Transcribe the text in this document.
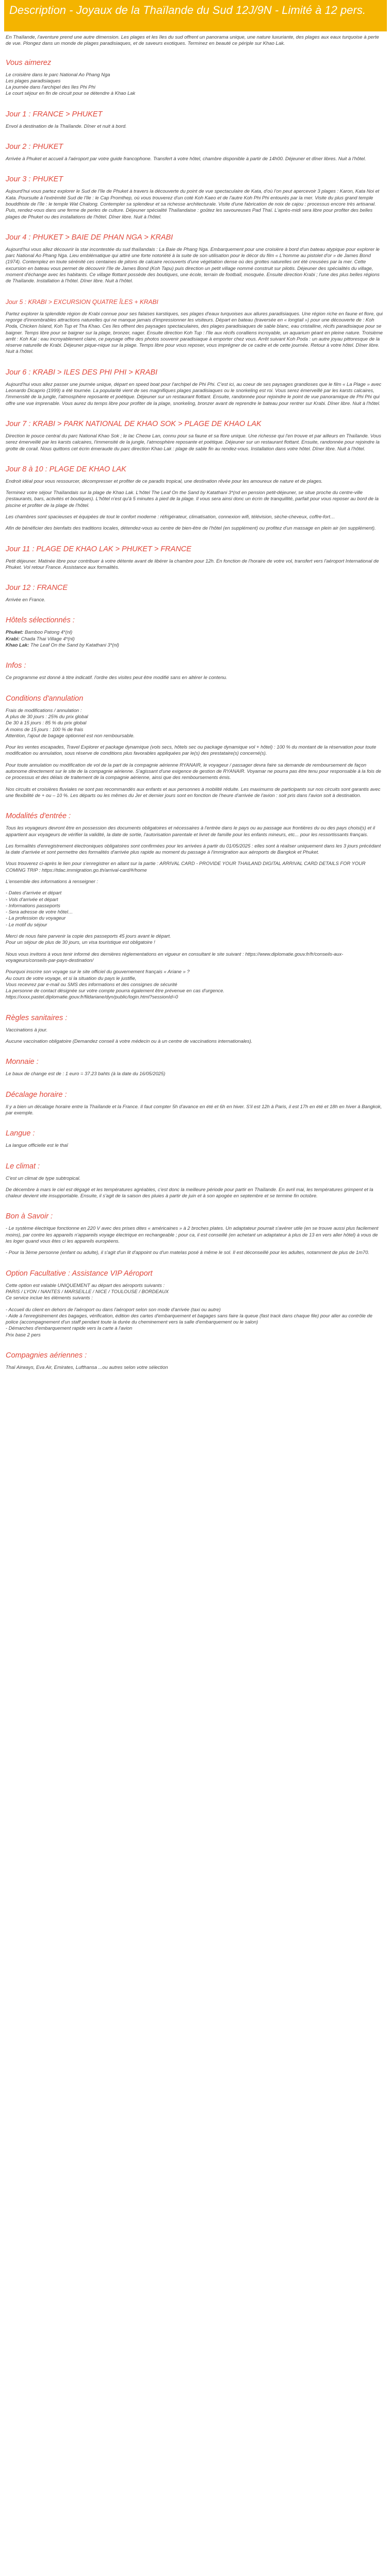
Description - Joyaux de la Thaïlande du Sud 12J/9N - Limité à 12 pers.

En Thaïlande, l'aventure prend une autre dimension. Les plages et les îles du sud offrent un panorama unique, une nature luxuriante, des plages aux eaux turquoise à perte de vue. Plongez dans un monde de plages paradisiaques, et de saveurs exotiques. Terminez en beauté ce périple sur Khao Lak.

Vous aimerez
Le croisière dans le parc National Ao Phang Nga
Les plages paradisiaques
La journée dans l'archipel des îles Phi Phi
Le court séjour en fin de circuit pour se détendre à Khao Lak
Jour 1 : FRANCE > PHUKET

Envol à destination de la Thaïlande. Dîner et nuit à bord.

Jour 2 : PHUKET

Arrivée à Phuket et accueil à l'aéroport par votre guide francophone. Transfert à votre hôtel, chambre disponible à partir de 14h00. Déjeuner et dîner libres. Nuit à l'hôtel.

Jour 3 : PHUKET

Aujourd'hui vous partez explorer le Sud de l'île de Phuket à travers la découverte du point de vue spectaculaire de Kata, d'où l'on peut apercevoir 3 plages : Karon, Kata Noi et Kata. Poursuite à l'extrémité Sud de l'île : le Cap Promthep, où vous trouverez d'un coté Koh Kaeo et de l'autre Koh Phi Phi entourés par la mer. Visite du plus grand temple bouddhiste de l'île : le temple Wat Chalong. Contempler sa splendeur et sa richesse architecturale. Visite d'une fabrication de noix de cajou : processus encore très artisanal. Puis, rendez-vous dans une ferme de perles de culture. Déjeuner spécialité Thaïlandaise : goûtez les savoureuses Pad Thaï. L'après-midi sera libre pour profiter des belles plages de Phuket ou des installations de l'hôtel. Dîner libre. Nuit à l'hôtel.

Jour 4 : PHUKET > BAIE DE PHAN NGA > KRABI

Aujourd'hui vous allez découvrir la star incontestée du sud thaïlandais : La Baie de Phang Nga. Embarquement pour une croisière à bord d'un bateau atypique pour explorer le parc National Ao Phang Nga. Lieu emblématique qui attiré une forte notoriété à la suite de son utilisation pour le décor du film « L'homme au pistolet d'or » de James Bond (1974). Contemplez en toute sérénité ces centaines de pitons de calcaire recouverts d'une végétation dense où des grottes naturelles ont été creusées par la mer. Cette excursion en bateau vous permet de découvrir l'île de James Bond (Koh Tapu) puis direction un petit village nommé construit sur pilotis. Déjeuner des spécialités du village, moment d'échange avec les habitants. Ce village flottant possède des boutiques, une école, terrain de football, mosquée. Ensuite direction Krabi ; l'une des plus belles régions de Thaïlande. Installation à l'hôtel. Dîner libre. Nuit à l'hôtel.

Jour 5 : KRABI > EXCURSION QUATRE ÎLES + KRABI

Partez explorer la splendide région de Krabi connue pour ses falaises karstiques, ses plages d'eaux turquoises aux allures paradisiaques. Une région riche en faune et flore, qui regorge d'innombrables attractions naturelles qui ne manque jamais d'impressionner les visiteurs. Départ en bateau (traversée en « longtail ») pour une découverte de : Koh Poda, Chicken Island, Koh Tup et Tha Khao. Ces îles offrent des paysages spectaculaires, des plages paradisiaques de sable blanc, eau cristalline, récifs paradisiaque pour se baigner. Temps libre pour se baigner sur la plage, bronzer, nager. Ensuite direction Koh Tup : l'île aux récifs coralliens incroyable, un aquarium géant en pleine nature. Troisième arrêt : Koh Kai : eau incroyablement claire, ce paysage offre des photos souvenir paradisiaque à emporter chez vous. Arrêt suivant Koh Poda : un autre joyau pittoresque de la réserve naturelle de Krabi. Déjeuner pique-nique sur la plage. Temps libre pour vous reposer, vous imprégner de ce cadre et de cette journée. Retour à votre hôtel. Dîner libre. Nuit à l'hôtel.

Jour 6 : KRABI > ILES DES PHI PHI > KRABI

Aujourd'hui vous allez passer une journée unique, départ en speed boat pour l'archipel de Phi Phi. C'est ici, au coeur de ses paysages grandioses que le film « La Plage » avec Leonardo Dicaprio (1999) a été tournée. La popularité vient de ses magnifiques plages paradisiaques ou le snorkeling est roi. Vous serez émerveillé par les karsts calcaires, l'immensité de la jungle, l'atmosphère reposante et poétique. Déjeuner sur un restaurant flottant. Ensuite, randonnée pour rejoindre le point de vue panoramique de Phi Phi qui offre une vue imprenable. Vous aurez du temps libre pour profiter de la plage, snorkeling, bronzer avant de reprendre le bateau pour rentrer sur Krabi. Dîner libre. Nuit à l'hôtel.

Jour 7 : KRABI > PARK NATIONAL DE KHAO SOK > PLAGE DE KHAO LAK

Direction le pouce central du parc National Khao Sok ; le lac Cheow Lan, connu pour sa faune et sa flore unique. Une richesse qui l'en trouve et par ailleurs en Thaïlande. Vous serez émerveillé par les karsts calcaires, l'immensité de la jungle, l'atmosphère reposante et poétique. Déjeuner sur un restaurant flottant. Ensuite, randonnée pour rejoindre la grotte de corail. Nous quittons cet écrin émeraude du parc direction Khao Lak : plage de sable fin au rendez-vous. Installation dans votre hôtel. Dîner libre. Nuit à l'hôtel.

Jour 8 à 10 : PLAGE DE KHAO LAK

Endroit idéal pour vous ressourcer, décompresser et profiter de ce paradis tropical, une destination rêvée pour les amoureux de nature et de plages.

Terminez votre séjour Thaïlandais sur la plage de Khao Lak. L'hôtel The Leaf On the Sand by Katathani 3*(nd en pension petit-déjeuner, se situe proche du centre-ville (restaurants, bars, activités et boutiques). L'hôtel n'est qu'à 5 minutes à pied de la plage. Il vous sera ainsi donc un écrin de tranquillité, parfait pour vous reposer au bord de la piscine et profiter de la plage de l'hôtel.

Les chambres sont spacieuses et équipées de tout le confort moderne : réfrigérateur, climatisation, connexion wifi, télévision, sèche-cheveux, coffre-fort…

Afin de bénéficier des bienfaits des traditions locales, détendez-vous au centre de bien-être de l'hôtel (en supplément) ou profitez d'un massage en plein air (en supplément).

Jour 11 : PLAGE DE KHAO LAK > PHUKET > FRANCE

Petit déjeuner. Matinée libre pour contribuer à votre détente avant de libérer la chambre pour 12h. En fonction de l'horaire de votre vol, transfert vers l'aéroport International de Phuket. Vol retour France. Assistance aux formalités.

Jour 12 : FRANCE

Arrivée en France.

Hôtels sélectionnés :
Phuket: Bamboo Patong 4*(nl)
Krabi: Chada Thai Village 4*(nl)
Khao Lak: The Leaf On the Sand by Katathani 3*(nl)
Infos :

Ce programme est donné à titre indicatif. l'ordre des visites peut être modifié sans en altérer le contenu.

Conditions d'annulation
Frais de modifications / annulation :
A plus de 30 jours : 25% du prix global
De 30 à 15 jours : 85 % du prix global
A moins de 15 jours : 100 % de frais
Attention, l'ajout de bagage optionnel est non remboursable.

Pour les ventes escapades, Travel Explorer et package dynamique (vols secs, hôtels sec ou package dynamique vol + hôtel) : 100 % du montant de la réservation pour toute modification ou annulation, sous réserve de conditions plus favorables appliquées par le(s) des prestataire(s) concerné(s).

Pour toute annulation ou modification de vol de la part de la compagnie aérienne RYANAIR, le voyageur / passager devra faire sa demande de remboursement de façon autonome directement sur le site de la compagnie aérienne. S'agissant d'une exigence de gestion de RYANAIR. Voyamar ne pourra pas être tenu pour responsable à la fois de ce processus et des délais de traitement de la compagnie aérienne, ainsi que des remboursements émis.

Nos circuits et croisières fluviales ne sont pas recommandés aux enfants et aux personnes à mobilité réduite. Les maximums de participants sur nos circuits sont garantis avec une flexibilité de + ou – 10 %. Les départs ou les mêmes du Jer et dernier jours sont en fonction de l'heure d'arrivée de l'avion : soit pris dans l'avion soit à destination.

Modalités d'entrée :

Tous les voyageurs devront être en possession des documents obligatoires et nécessaires à l'entrée dans le pays ou au passage aux frontières du ou des pays choisi(s) et il appartient aux voyageurs de vérifier la validité, la date de sortie, l'autorisation parentale et livret de famille pour les enfants mineurs, etc... pour les ressortissants français.

Les formalités d'enregistrement électroniques obligatoires sont confirmées pour les arrivées à partir du 01/05/2025 : elles sont à réaliser uniquement dans les 3 jours précédant la date d'arrivée et sont permettre des formalités d'arrivée plus rapide au moment du passage à l'immigration aux aéroports de Bangkok et Phuket.

Vous trouverez ci-après le lien pour s'enregistrer en allant sur la partie : ARRIVAL CARD - PROVIDE YOUR THAILAND DIGITAL ARRIVAL CARD DETAILS FOR YOUR COMING TRIP : https://tdac.immigration.go.th/arrival-card/#/home

L'ensemble des informations à renseigner :

- Dates d'arrivée et départ
- Vols d'arrivée et départ
- Informations passeports
- Sera adresse de votre hôtel…
- La profession du voyageur
- Le motif du séjour

Merci de nous faire parvenir la copie des passeports 45 jours avant le départ.
Pour un séjour de plus de 30 jours, un visa touristique est obligatoire !

Nous vous invitons à vous tenir informé des dernières réglementations en vigueur en consultant le site suivant : https://www.diplomatie.gouv.fr/fr/conseils-aux-voyageurs/conseils-par-pays-destination/

Pourquoi inscrire son voyage sur le site officiel du gouvernement français « Ariane » ?
Au cours de votre voyage, et si la situation du pays le justifie,
Vous recevrez par e-mail ou SMS des informations et des consignes de sécurité
La personne de contact désignée sur votre compte pourra également être prévenue en cas d'urgence.
https://xxxx.pastel.diplomatie.gouv.fr/fildariane/dyn/public/login.html?sessionId=0

Règles sanitaires :

Vaccinations à jour.

Aucune vaccination obligatoire (Demandez conseil à votre médecin ou à un centre de vaccinations internationales).

Monnaie :

Le baux de change est de : 1 euro = 37.23 bahts (à la date du 16/05/2025)

Décalage horaire :

Il y a bien un décalage horaire entre la Thaïlande et la France. Il faut compter 5h d'avance en été et 6h en hiver. S'il est 12h à Paris, il est 17h en été et 18h en hiver à Bangkok, par exemple.

Langue :

La langue officielle est le thaï

Le climat :

C'est un climat de type subtropical.

De décembre à mars le ciel est dégagé et les températures agréables, c'est donc la meilleure période pour partir en Thaïlande. En avril mai, les températures grimpent et la chaleur devient vite insupportable. Ensuite, il s'agit de la saison des pluies à partir de juin et à son apogée en septembre et se termine fin octobre.

Bon à Savoir :

- Le système électrique fonctionne en 220 V avec des prises dites « américaines » à 2 broches plates. Un adaptateur pourrait s'avérer utile (en se trouve aussi plus facilement moins), par contre les appareils n'appareils voyage électrique en rechangeable ; pour ca, il est conseillé (en achetant un adaptateur à plus de 13 en vers aller hôtel) à vous de les loger quand vous êtes ci les appareils européens.

- Pour la 3ème personne (enfant ou adulte), il s'agit d'un lit d'appoint ou d'un matelas posé à même le sol. Il est déconseillé pour les adultes, notamment de plus de 1m70.

Option Facultative : Assistance VIP Aéroport

Cette option est valable UNIQUEMENT au départ des aéroports suivants :
PARIS / LYON / NANTES / MARSEILLE / NICE / TOULOUSE / BORDEAUX
Ce service inclue les éléments suivants :

- Accueil du client en dehors de l'aéroport ou dans l'aéroport selon son mode d'arrivée (taxi ou autre)
- Aide à l'enregistrement des bagages, vérification, édition des cartes d'embarquement et bagages sans faire la queue (fast track dans chaque file) pour aller au contrôle de police (accompagnement d'un staff pendant toute la durée du cheminement vers la salle d'embarquement ou le salon)
- Démarches d'embarquement rapide vers la carte à l'avion
Prix base 2 pers

Compagnies aériennes :

Thaï Airways, Eva Air, Emirates, Lufthansa ...ou autres selon votre sélection
